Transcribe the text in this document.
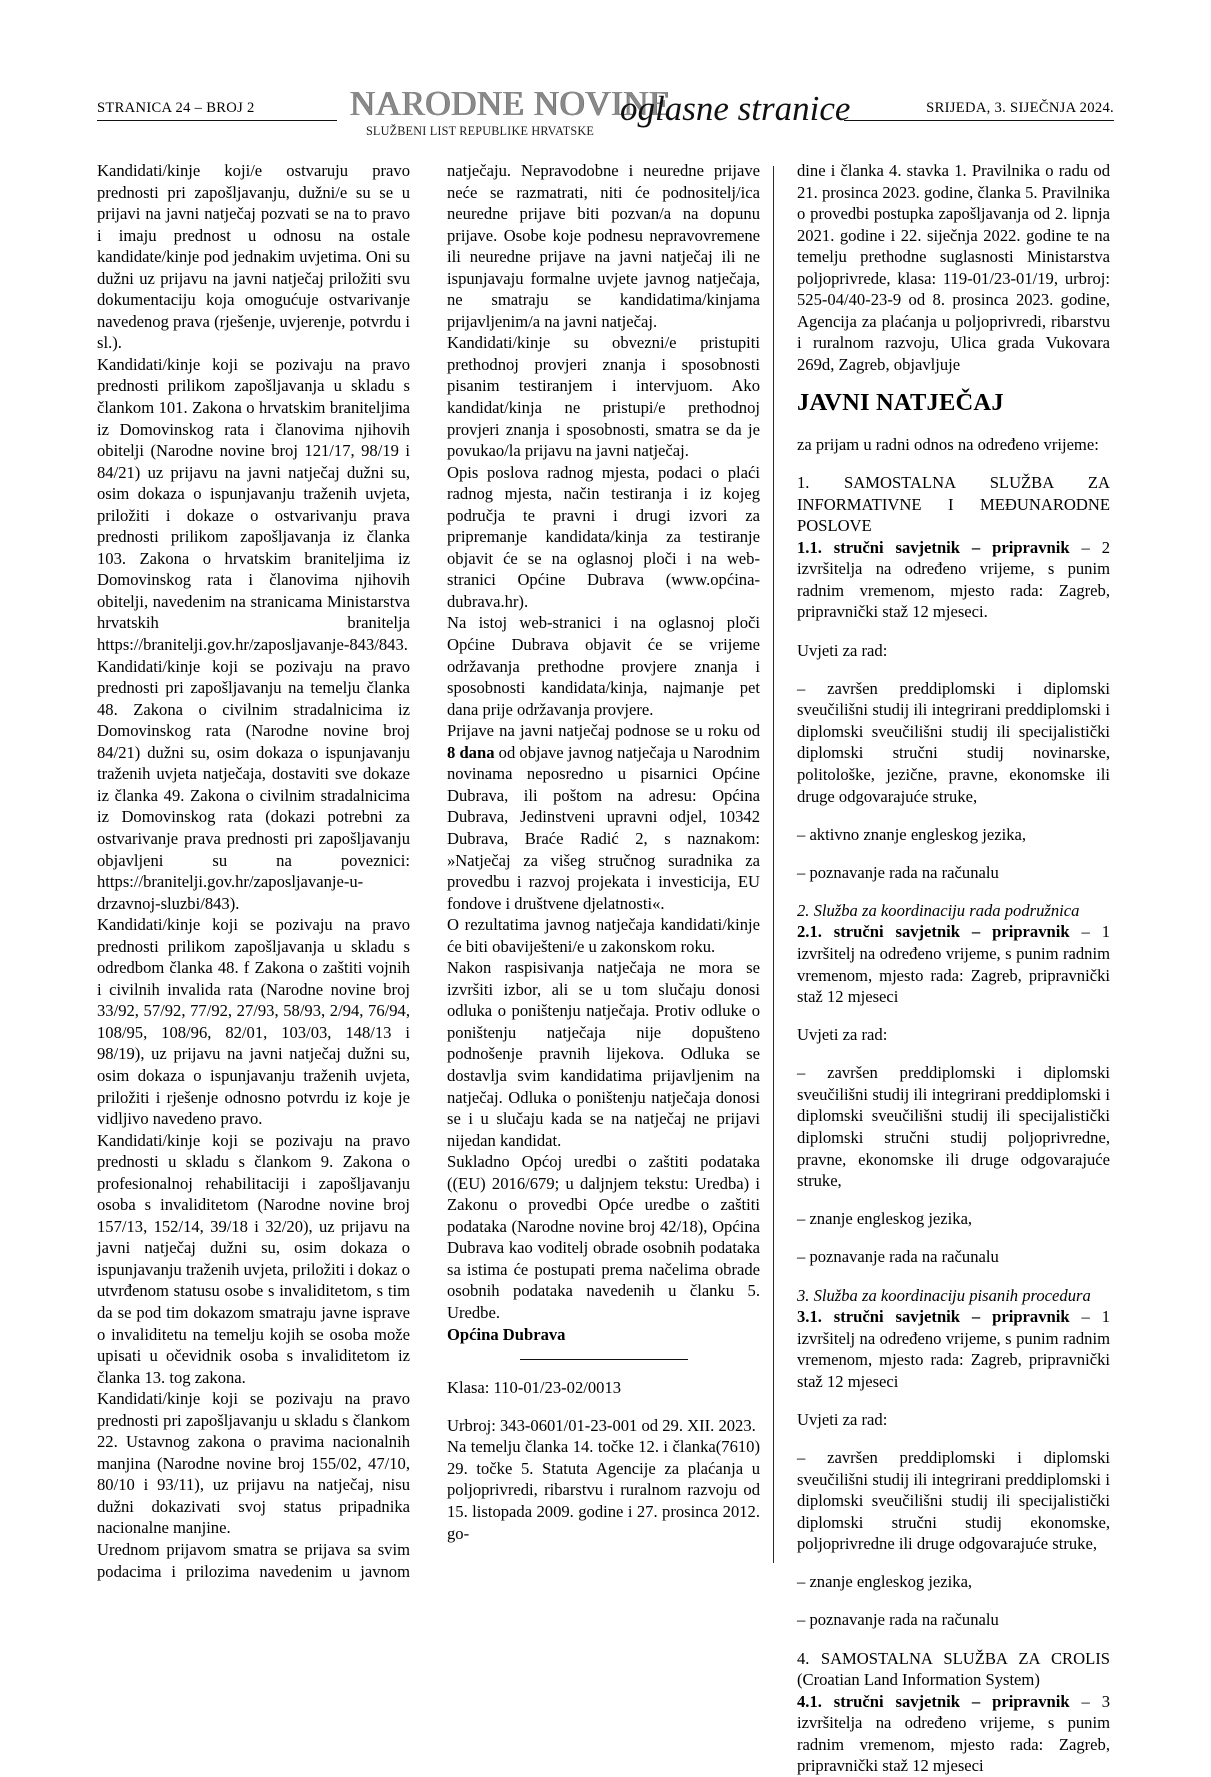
STRANICA 24 – BROJ 2	NARODNE NOVINE
SLUŽBENI LIST REPUBLIKE HRVATSKE
oglasne stranice	SRIJEDA, 3. SIJEČNJA 2024.

Kandidati/kinje koji/e ostvaruju pravo prednosti pri zapošljavanju, dužni/e su se u prijavi na javni natječaj pozvati se na to pravo i imaju prednost u odnosu na ostale kandidate/kinje pod jednakim uvjetima. Oni su dužni uz prijavu na javni natječaj priložiti svu dokumentaciju koja omogućuje ostvarivanje navedenog prava (rješenje, uvjerenje, potvrdu i sl.).

Kandidati/kinje koji se pozivaju na pravo prednosti prilikom zapošljavanja u skladu s člankom 101. Zakona o hrvatskim braniteljima iz Domovinskog rata i članovima njihovih obitelji (Narodne novine broj 121/17, 98/19 i 84/21) uz prijavu na javni natječaj dužni su, osim dokaza o ispunjavanju traženih uvjeta, priložiti i dokaze o ostvarivanju prava prednosti prilikom zapošljavanja iz članka 103. Zakona o hrvatskim braniteljima iz Domovinskog rata i članovima njihovih obitelji, navedenim na stranicama Ministarstva hrvatskih branitelja https://branitelji.gov.hr/zaposljavanje-843/843.

Kandidati/kinje koji se pozivaju na pravo prednosti pri zapošljavanju na temelju članka 48. Zakona o civilnim stradalnicima iz Domovinskog rata (Narodne novine broj 84/21) dužni su, osim dokaza o ispunjavanju traženih uvjeta natječaja, dostaviti sve dokaze iz članka 49. Zakona o civilnim stradalnicima iz Domovinskog rata (dokazi potrebni za ostvarivanje prava prednosti pri zapošljavanju objavljeni su na poveznici: https://branitelji.gov.hr/zaposljavanje-u-drzavnoj-sluzbi/843).

Kandidati/kinje koji se pozivaju na pravo prednosti prilikom zapošljavanja u skladu s odredbom članka 48. f Zakona o zaštiti vojnih i civilnih invalida rata (Narodne novine broj 33/92, 57/92, 77/92, 27/93, 58/93, 2/94, 76/94, 108/95, 108/96, 82/01, 103/03, 148/13 i 98/19), uz prijavu na javni natječaj dužni su, osim dokaza o ispunjavanju traženih uvjeta, priložiti i rješenje odnosno potvrdu iz koje je vidljivo navedeno pravo.

Kandidati/kinje koji se pozivaju na pravo prednosti u skladu s člankom 9. Zakona o profesionalnoj rehabilitaciji i zapošljavanju osoba s invaliditetom (Narodne novine broj 157/13, 152/14, 39/18 i 32/20), uz prijavu na javni natječaj dužni su, osim dokaza o ispunjavanju traženih uvjeta, priložiti i dokaz o utvrđenom statusu osobe s invaliditetom, s tim da se pod tim dokazom smatraju javne isprave o invaliditetu na temelju kojih se osoba može upisati u očevidnik osoba s invaliditetom iz članka 13. tog zakona.

Kandidati/kinje koji se pozivaju na pravo prednosti pri zapošljavanju u skladu s člankom 22. Ustavnog zakona o pravima nacionalnih manjina (Narodne novine broj 155/02, 47/10, 80/10 i 93/11), uz prijavu na natječaj, nisu dužni dokazivati svoj status pripadnika nacionalne manjine.

Urednom prijavom smatra se prijava sa svim podacima i prilozima navedenim u javnom

natječaju. Nepravodobne i neuredne prijave neće se razmatrati, niti će podnositelj/ica neuredne prijave biti pozvan/a na dopunu prijave. Osobe koje podnesu nepravovremene ili neuredne prijave na javni natječaj ili ne ispunjavaju formalne uvjete javnog natječaja, ne smatraju se kandidatima/kinjama prijavljenim/a na javni natječaj.

Kandidati/kinje su obvezni/e pristupiti prethodnoj provjeri znanja i sposobnosti pisanim testiranjem i intervjuom. Ako kandidat/kinja ne pristupi/e prethodnoj provjeri znanja i sposobnosti, smatra se da je povukao/la prijavu na javni natječaj.

Opis poslova radnog mjesta, podaci o plaći radnog mjesta, način testiranja i iz kojeg područja te pravni i drugi izvori za pripremanje kandidata/kinja za testiranje objavit će se na oglasnoj ploči i na web-stranici Općine Dubrava (www.općina-dubrava.hr).

Na istoj web-stranici i na oglasnoj ploči Općine Dubrava objavit će se vrijeme održavanja prethodne provjere znanja i sposobnosti kandidata/kinja, najmanje pet dana prije održavanja provjere.

Prijave na javni natječaj podnose se u roku od 8 dana od objave javnog natječaja u Narodnim novinama neposredno u pisarnici Općine Dubrava, ili poštom na adresu: Općina Dubrava, Jedinstveni upravni odjel, 10342 Dubrava, Braće Radić 2, s naznakom: »Natječaj za višeg stručnog suradnika za provedbu i razvoj projekata i investicija, EU fondove i društvene djelatnosti«.

O rezultatima javnog natječaja kandidati/kinje će biti obaviješteni/e u zakonskom roku.

Nakon raspisivanja natječaja ne mora se izvršiti izbor, ali se u tom slučaju donosi odluka o poništenju natječaja. Protiv odluke o poništenju natječaja nije dopušteno podnošenje pravnih lijekova. Odluka se dostavlja svim kandidatima prijavljenim na natječaj. Odluka o poništenju natječaja donosi se i u slučaju kada se na natječaj ne prijavi nijedan kandidat.

Sukladno Općoj uredbi o zaštiti podataka ((EU) 2016/679; u daljnjem tekstu: Uredba) i Zakonu o provedbi Opće uredbe o zaštiti podataka (Narodne novine broj 42/18), Općina Dubrava kao voditelj obrade osobnih podataka sa istima će postupati prema načelima obrade osobnih podataka navedenih u članku 5. Uredbe.

Općina Dubrava

Klasa: 110-01/23-02/0013

Urbroj: 343-0601/01-23-001 od 29. XII. 2023.
(7610)

Na temelju članka 14. točke 12. i članka 29. točke 5. Statuta Agencije za plaćanja u poljoprivredi, ribarstvu i ruralnom razvoju od 15. listopada 2009. godine i 27. prosinca 2012. go-

dine i članka 4. stavka 1. Pravilnika o radu od 21. prosinca 2023. godine, članka 5. Pravilnika o provedbi postupka zapošljavanja od 2. lipnja 2021. godine i 22. siječnja 2022. godine te na temelju prethodne suglasnosti Ministarstva poljoprivrede, klasa: 119-01/23-01/19, urbroj: 525-04/40-23-9 od 8. prosinca 2023. godine, Agencija za plaćanja u poljoprivredi, ribarstvu i ruralnom razvoju, Ulica grada Vukovara 269d, Zagreb, objavljuje

JAVNI NATJEČAJ

za prijam u radni odnos na određeno vrijeme:

1. SAMOSTALNA SLUŽBA ZA INFORMATIVNE I MEĐUNARODNE POSLOVE

1.1. stručni savjetnik – pripravnik – 2 izvršitelja na određeno vrijeme, s punim radnim vremenom, mjesto rada: Zagreb, pripravnički staž 12 mjeseci.

Uvjeti za rad:

– završen preddiplomski i diplomski sveučilišni studij ili integrirani preddiplomski i diplomski sveučilišni studij ili specijalistički diplomski stručni studij novinarske, politološke, jezične, pravne, ekonomske ili druge odgovarajuće struke,

– aktivno znanje engleskog jezika,

– poznavanje rada na računalu

2. Služba za koordinaciju rada podružnica

2.1. stručni savjetnik – pripravnik – 1 izvršitelj na određeno vrijeme, s punim radnim vremenom, mjesto rada: Zagreb, pripravnički staž 12 mjeseci

Uvjeti za rad:

– završen preddiplomski i diplomski sveučilišni studij ili integrirani preddiplomski i diplomski sveučilišni studij ili specijalistički diplomski stručni studij poljoprivredne, pravne, ekonomske ili druge odgovarajuće struke,

– znanje engleskog jezika,

– poznavanje rada na računalu

3. Služba za koordinaciju pisanih procedura

3.1. stručni savjetnik – pripravnik – 1 izvršitelj na određeno vrijeme, s punim radnim vremenom, mjesto rada: Zagreb, pripravnički staž 12 mjeseci

Uvjeti za rad:

– završen preddiplomski i diplomski sveučilišni studij ili integrirani preddiplomski i diplomski sveučilišni studij ili specijalistički diplomski stručni studij ekonomske, poljoprivredne ili druge odgovarajuće struke,

– znanje engleskog jezika,

– poznavanje rada na računalu

4. SAMOSTALNA SLUŽBA ZA CROLIS (Croatian Land Information System)

4.1. stručni savjetnik – pripravnik – 3 izvršitelja na određeno vrijeme, s punim radnim vremenom, mjesto rada: Zagreb, pripravnički staž 12 mjeseci
